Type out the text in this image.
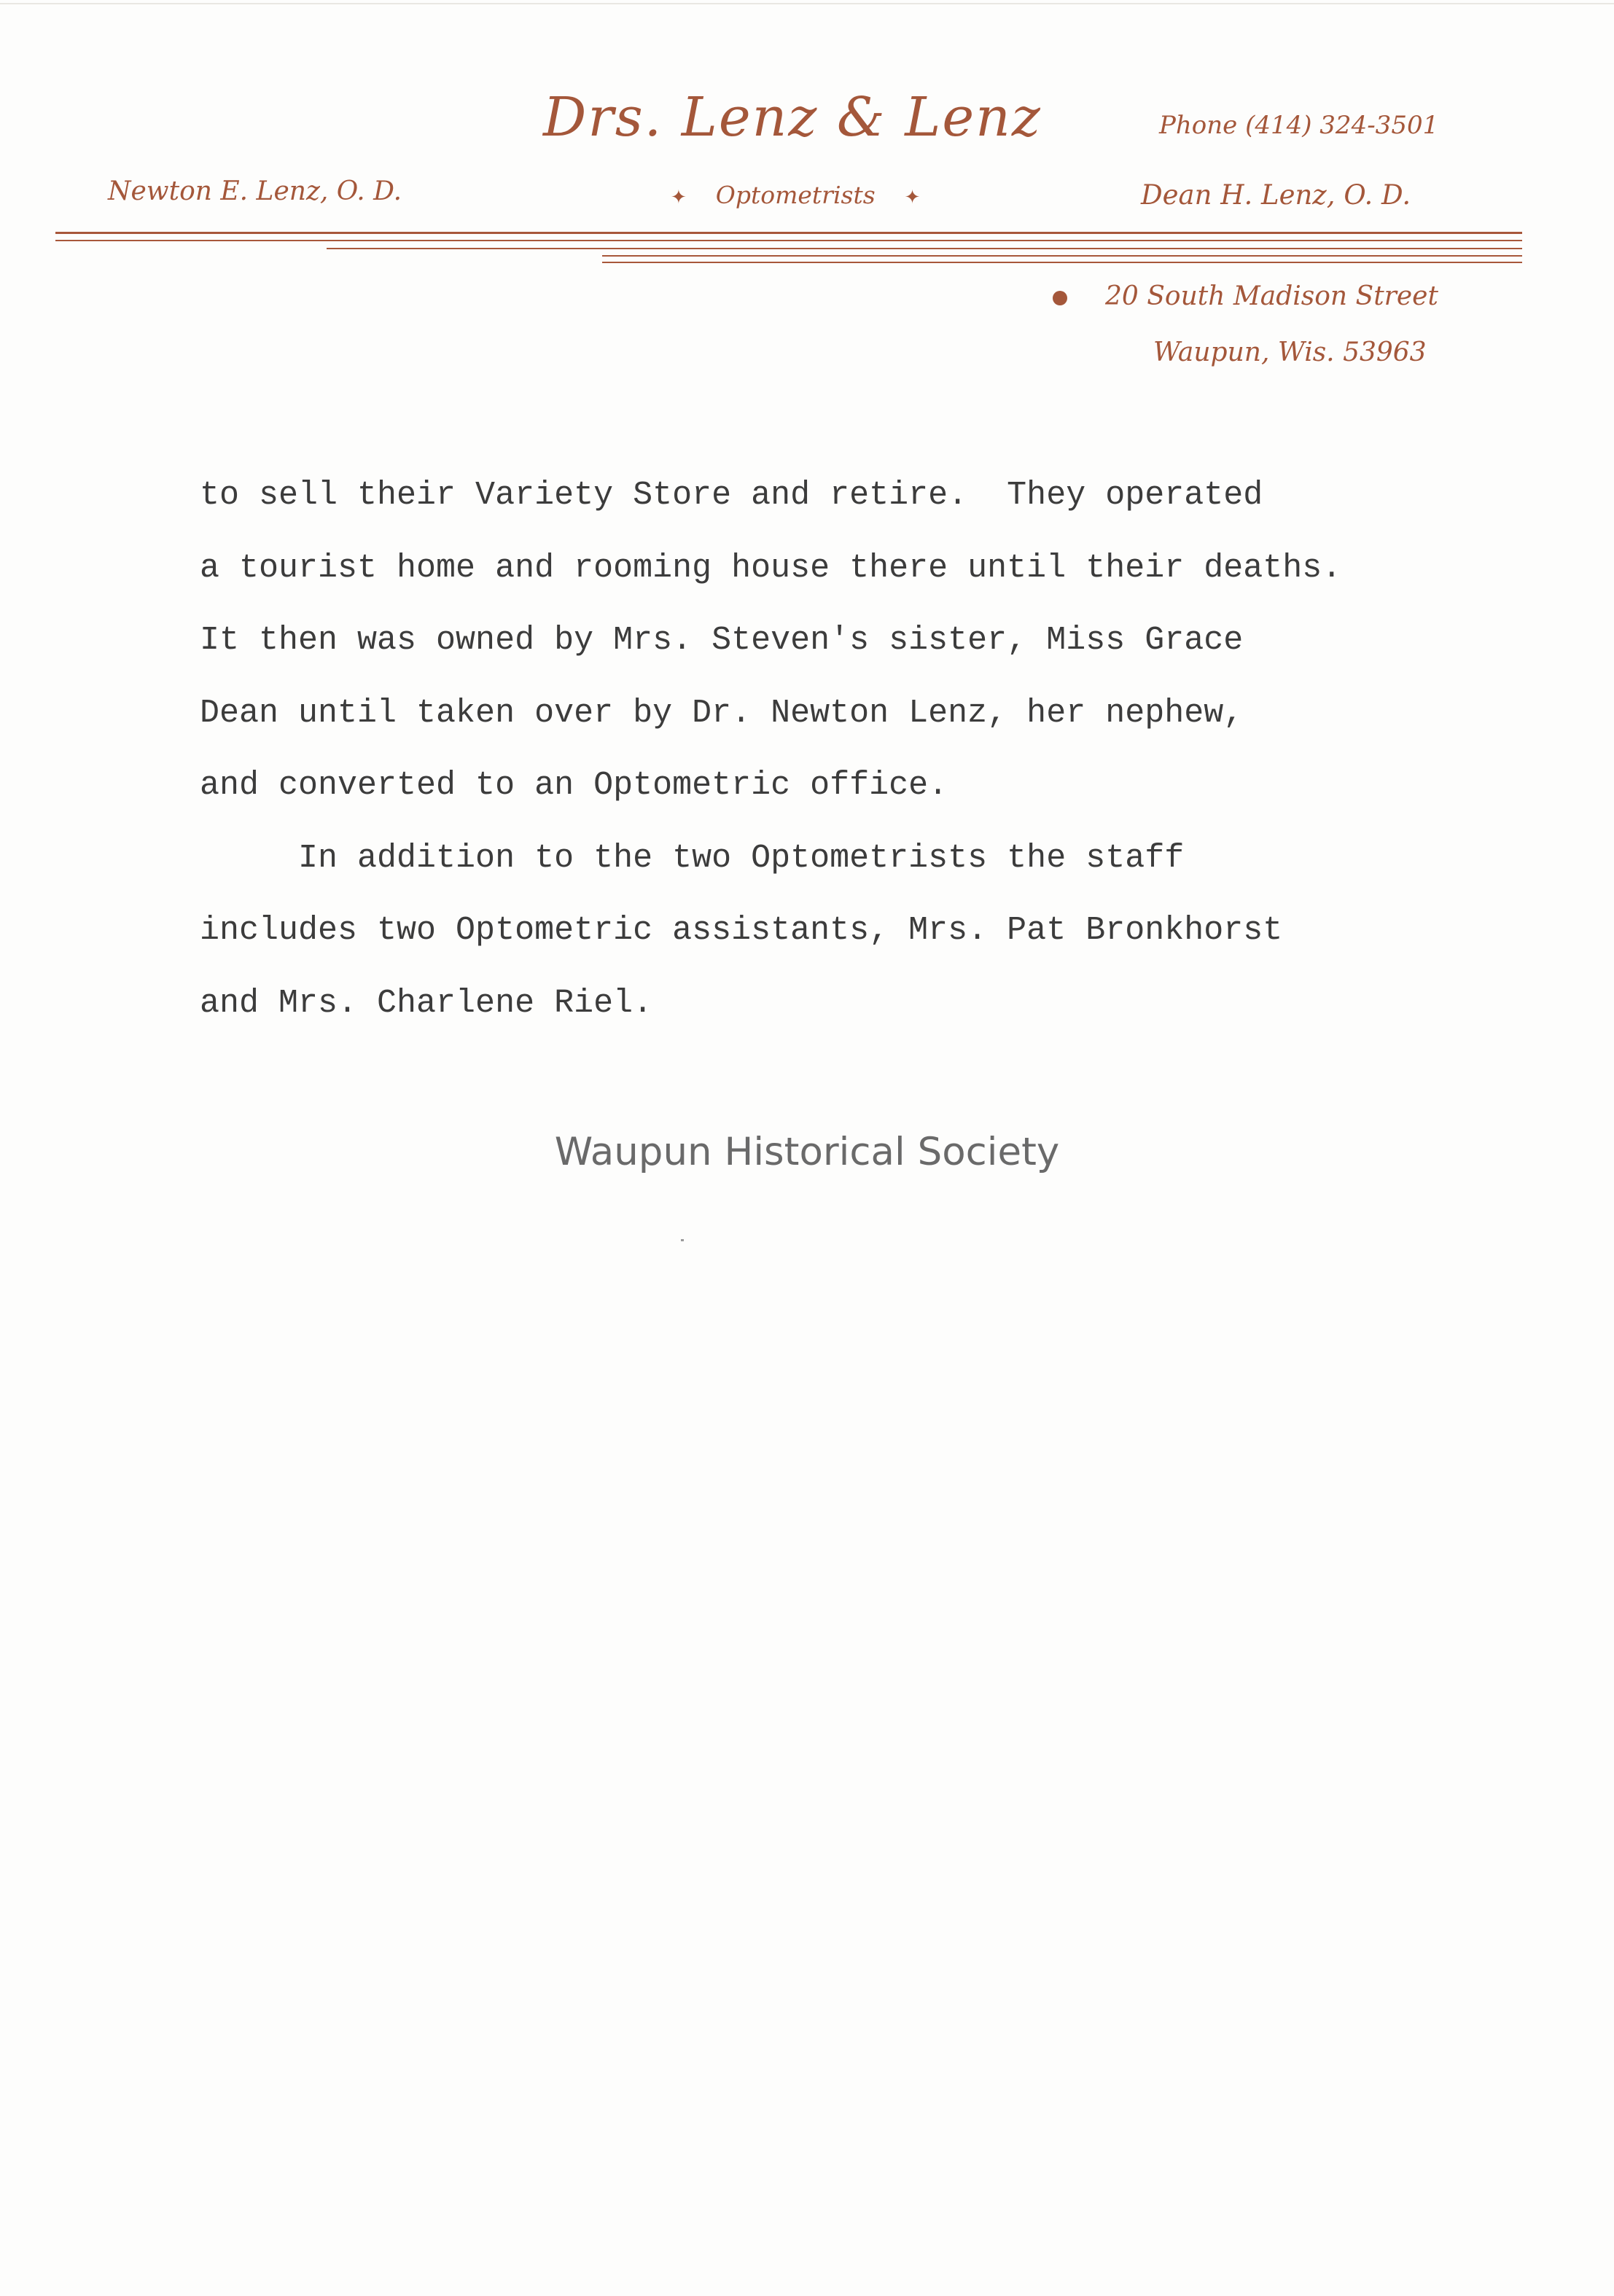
Drs. Lenz & Lenz	Phone (414) 324-3501
Newton E. Lenz, O. D.	✦ Optometrists ✦	Dean H. Lenz, O. D.
20 South Madison Street
Waupun, Wis. 53963
to sell their Variety Store and retire.  They operated
a tourist home and rooming house there until their deaths.
It then was owned by Mrs. Steven's sister, Miss Grace
Dean until taken over by Dr. Newton Lenz, her nephew,
and converted to an Optometric office.
In addition to the two Optometrists the staff
includes two Optometric assistants, Mrs. Pat Bronkhorst
and Mrs. Charlene Riel.
Waupun Historical Society
